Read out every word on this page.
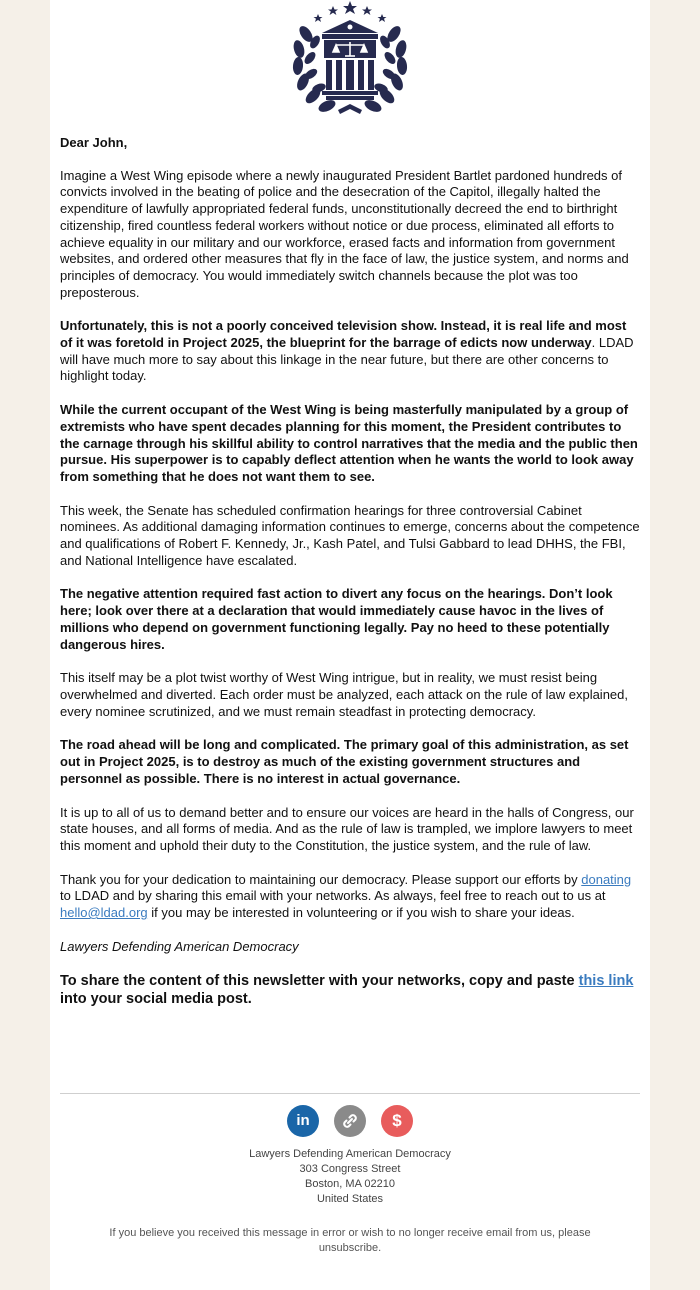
Dear John,

Imagine a West Wing episode where a newly inaugurated President Bartlet pardoned hundreds of convicts involved in the beating of police and the desecration of the Capitol, illegally halted the expenditure of lawfully appropriated federal funds, unconstitutionally decreed the end to birthright citizenship, fired countless federal workers without notice or due process, eliminated all efforts to achieve equality in our military and our workforce, erased facts and information from government websites, and ordered other measures that fly in the face of law, the justice system, and norms and principles of democracy. You would immediately switch channels because the plot was too preposterous.

Unfortunately, this is not a poorly conceived television show. Instead, it is real life and most of it was foretold in Project 2025, the blueprint for the barrage of edicts now underway. LDAD will have much more to say about this linkage in the near future, but there are other concerns to highlight today.

While the current occupant of the West Wing is being masterfully manipulated by a group of extremists who have spent decades planning for this moment, the President contributes to the carnage through his skillful ability to control narratives that the media and the public then pursue. His superpower is to capably deflect attention when he wants the world to look away from something that he does not want them to see.

This week, the Senate has scheduled confirmation hearings for three controversial Cabinet nominees. As additional damaging information continues to emerge, concerns about the competence and qualifications of Robert F. Kennedy, Jr., Kash Patel, and Tulsi Gabbard to lead DHHS, the FBI, and National Intelligence have escalated.

The negative attention required fast action to divert any focus on the hearings. Don’t look here; look over there at a declaration that would immediately cause havoc in the lives of millions who depend on government functioning legally. Pay no heed to these potentially dangerous hires.

This itself may be a plot twist worthy of West Wing intrigue, but in reality, we must resist being overwhelmed and diverted. Each order must be analyzed, each attack on the rule of law explained, every nominee scrutinized, and we must remain steadfast in protecting democracy.

The road ahead will be long and complicated. The primary goal of this administration, as set out in Project 2025, is to destroy as much of the existing government structures and personnel as possible. There is no interest in actual governance.

It is up to all of us to demand better and to ensure our voices are heard in the halls of Congress, our state houses, and all forms of media. And as the rule of law is trampled, we implore lawyers to meet this moment and uphold their duty to the Constitution, the justice system, and the rule of law.

Thank you for your dedication to maintaining our democracy. Please support our efforts by donating to LDAD and by sharing this email with your networks. As always, feel free to reach out to us at hello@ldad.org if you may be interested in volunteering or if you wish to share your ideas.

Lawyers Defending American Democracy

To share the content of this newsletter with your networks, copy and paste this link into your social media post.

in	$
Lawyers Defending American Democracy
303 Congress Street
Boston, MA 02210
United States
If you believe you received this message in error or wish to no longer receive email from us, please unsubscribe.
